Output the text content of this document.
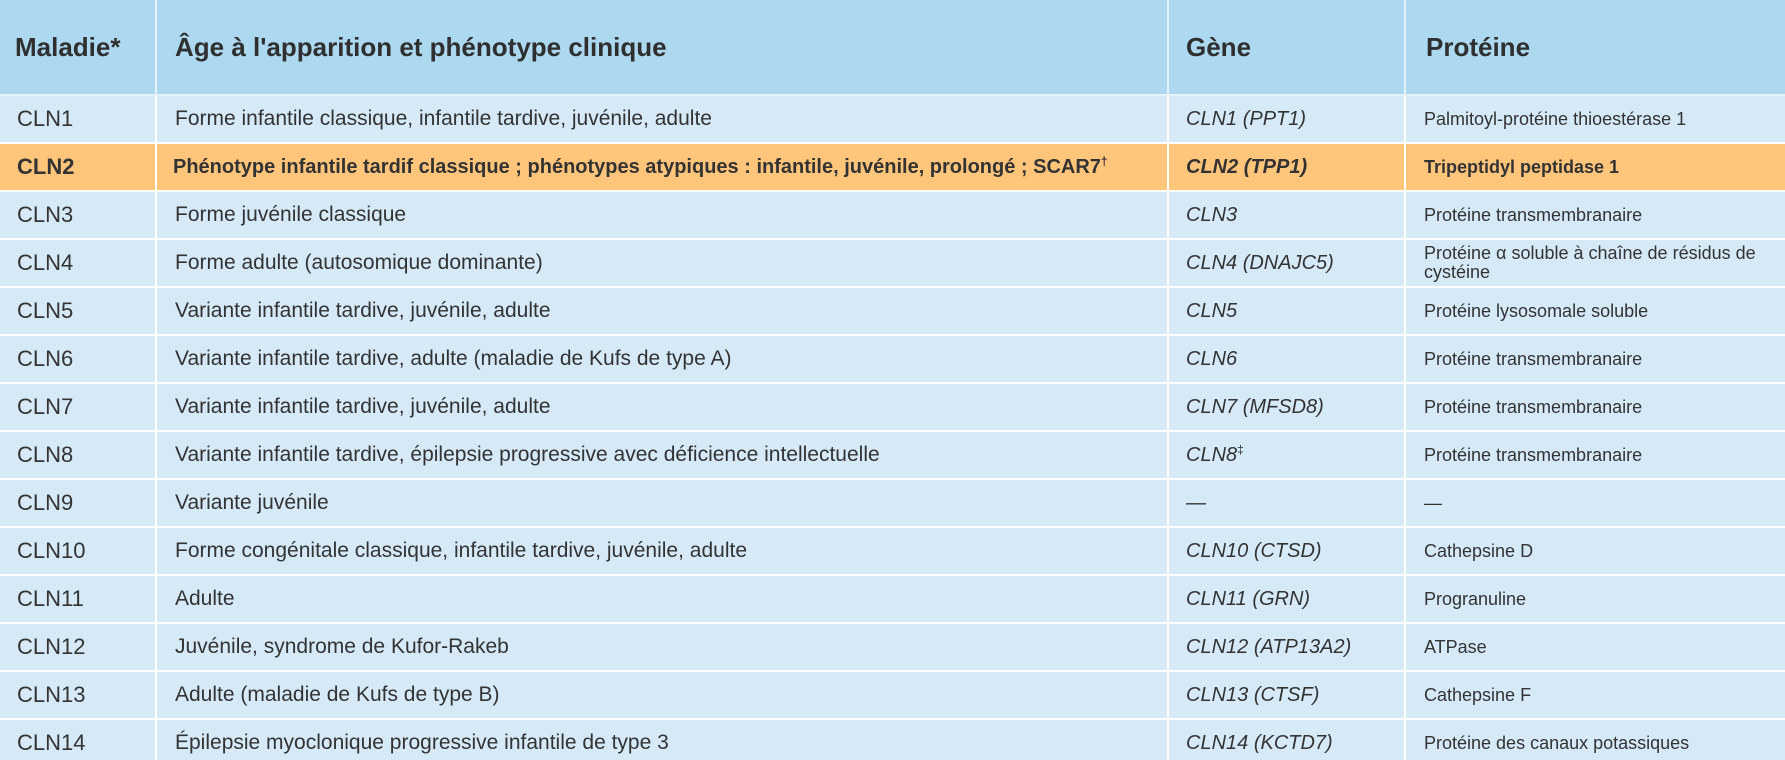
Maladie*	Âge à l'apparition et phénotype clinique	Gène	Protéine
CLN1	Forme infantile classique, infantile tardive, juvénile, adulte	CLN1 (PPT1)	Palmitoyl-protéine thioestérase 1
CLN2	Phénotype infantile tardif classique ; phénotypes atypiques : infantile, juvénile, prolongé ; SCAR7†	CLN2 (TPP1)	Tripeptidyl peptidase 1
CLN3	Forme juvénile classique	CLN3	Protéine transmembranaire
CLN4	Forme adulte (autosomique dominante)	CLN4 (DNAJC5)	Protéine α soluble à chaîne de résidus de cystéine
CLN5	Variante infantile tardive, juvénile, adulte	CLN5	Protéine lysosomale soluble
CLN6	Variante infantile tardive, adulte (maladie de Kufs de type A)	CLN6	Protéine transmembranaire
CLN7	Variante infantile tardive, juvénile, adulte	CLN7 (MFSD8)	Protéine transmembranaire
CLN8	Variante infantile tardive, épilepsie progressive avec déficience intellectuelle	CLN8‡	Protéine transmembranaire
CLN9	Variante juvénile	—	—
CLN10	Forme congénitale classique, infantile tardive, juvénile, adulte	CLN10 (CTSD)	Cathepsine D
CLN11	Adulte	CLN11 (GRN)	Progranuline
CLN12	Juvénile, syndrome de Kufor-Rakeb	CLN12 (ATP13A2)	ATPase
CLN13	Adulte (maladie de Kufs de type B)	CLN13 (CTSF)	Cathepsine F
CLN14	Épilepsie myoclonique progressive infantile de type 3	CLN14 (KCTD7)	Protéine des canaux potassiques
